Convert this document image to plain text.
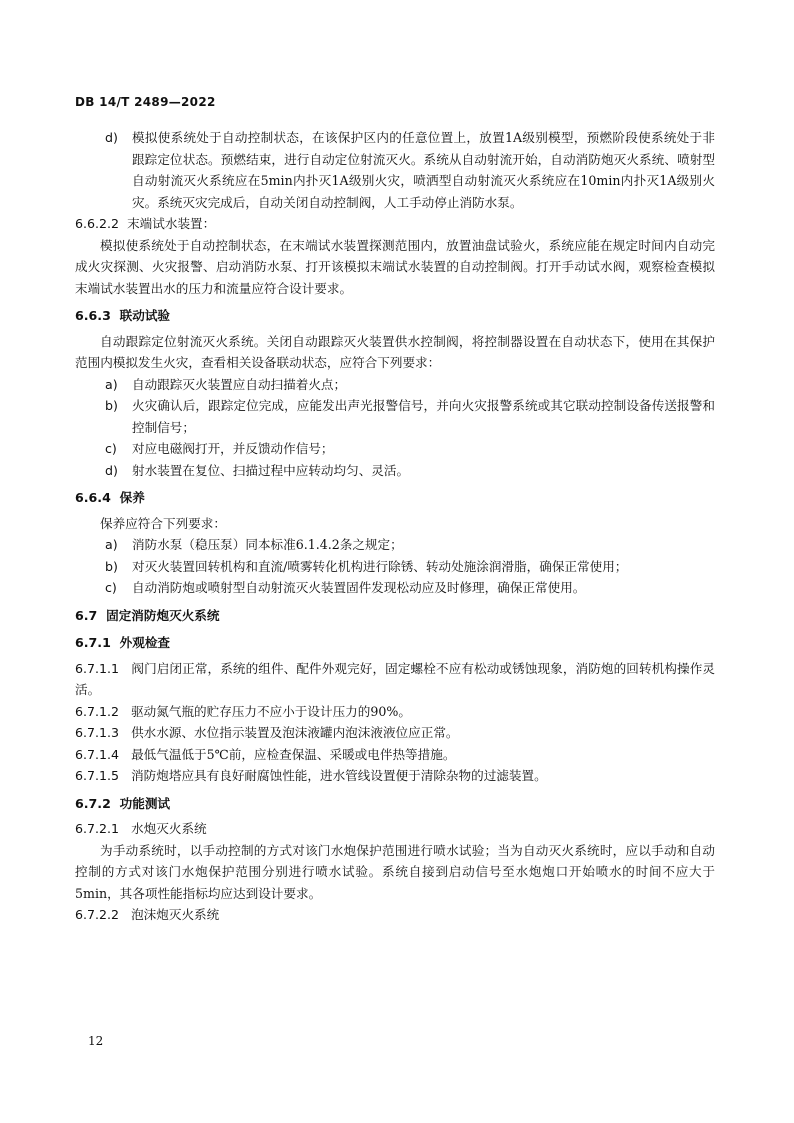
DB 14/T 2489—2022
d)	模拟使系统处于自动控制状态，在该保护区内的任意位置上，放置1A级别模型，预燃阶段使系统处于非跟踪定位状态。预燃结束，进行自动定位射流灭火。系统从自动射流开始，自动消防炮灭火系统、喷射型自动射流灭火系统应在5min内扑灭1A级别火灾，喷洒型自动射流灭火系统应在10min内扑灭1A级别火灾。系统灭灾完成后，自动关闭自动控制阀，人工手动停止消防水泵。
6.6.2.2 末端试水装置：
模拟使系统处于自动控制状态，在末端试水装置探测范围内，放置油盘试验火，系统应能在规定时间内自动完成火灾探测、火灾报警、启动消防水泵、打开该模拟末端试水装置的自动控制阀。打开手动试水阀，观察检查模拟末端试水装置出水的压力和流量应符合设计要求。
6.6.3 联动试验
自动跟踪定位射流灭火系统。关闭自动跟踪灭火装置供水控制阀，将控制器设置在自动状态下，使用在其保护范围内模拟发生火灾，查看相关设备联动状态，应符合下列要求：
a)	自动跟踪灭火装置应自动扫描着火点；
b)	火灾确认后，跟踪定位完成，应能发出声光报警信号，并向火灾报警系统或其它联动控制设备传送报警和控制信号；
c)	对应电磁阀打开，并反馈动作信号；
d)	射水装置在复位、扫描过程中应转动均匀、灵活。
6.6.4 保养
保养应符合下列要求：
a)	消防水泵（稳压泵）同本标准6.1.4.2条之规定；
b)	对灭火装置回转机构和直流/喷雾转化机构进行除锈、转动处施涂润滑脂，确保正常使用；
c)	自动消防炮或喷射型自动射流灭火装置固件发现松动应及时修理，确保正常使用。
6.7 固定消防炮灭火系统
6.7.1 外观检查
6.7.1.1 阀门启闭正常，系统的组件、配件外观完好，固定螺栓不应有松动或锈蚀现象，消防炮的回转机构操作灵活。
6.7.1.2 驱动氮气瓶的贮存压力不应小于设计压力的90%。
6.7.1.3 供水水源、水位指示装置及泡沫液罐内泡沫液液位应正常。
6.7.1.4 最低气温低于5℃前，应检查保温、采暖或电伴热等措施。
6.7.1.5 消防炮塔应具有良好耐腐蚀性能，进水管线设置便于清除杂物的过滤装置。
6.7.2 功能测试
6.7.2.1 水炮灭火系统
为手动系统时，以手动控制的方式对该门水炮保护范围进行喷水试验；当为自动灭火系统时，应以手动和自动控制的方式对该门水炮保护范围分别进行喷水试验。系统自接到启动信号至水炮炮口开始喷水的时间不应大于5min，其各项性能指标均应达到设计要求。
6.7.2.2 泡沫炮灭火系统
12
